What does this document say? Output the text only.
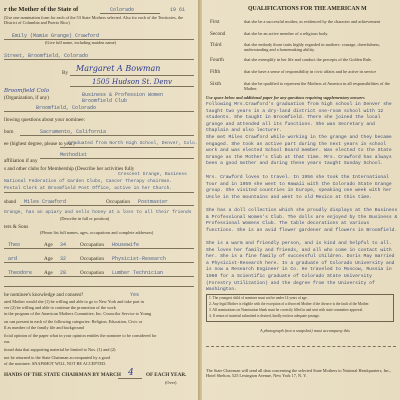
r the Mother of the State of	Colorado	19 61
(Use one nomination form for each of the 53 State Mothers selected. Also for each of the Territories, the District of Columbia and Puerto Rico)
Emily (Mamie Grange) Crawford
(Give full name, including maiden name)
Street, Broomfield, Colorado
By Margaret A Bowman
1505 Hudson St. Denv
Broomfield Colo
(Organization, if any)	Business & Profession Women
Broomfield Club
Broomfield, Colorado
llowing questions about your nominee:
born	Sacramento, California
ee (highest degree, please to year)
Graduated from North High School, Denver, Colo.
Methodist
affiliation if any
s and other clubs for Membership (Describe her activities fully
Crescent Grange, Business
National Federation of Garden Clubs, Cancer Therapy chairman.
Postal Clerk at Broomfield Post Office, active in her Church.
sband Miles Crawford	Occupation Postmaster
Grange, has an apiary and sells honey at a loss to all their friends
(Describe in full or position)
ters & Sons
(Please list full names, ages, occupations and complete addresses)
Theo	Age 34	Occupation Housewife
ard	Age 32	Occupation Physicist-Research
Theodore Age 28	Occupation Lumber Technician
he nominee's knowledge and consent?	Yes
ated Mother would she (1) be willing and able to go to New York and take part in
ver (2) be willing and able to continue the promotion of the work
in the program of the American Mothers Committee, Inc. Councilor Service to Young
on can present in each of the following categories: Religion, Education, Civic or
ll as number of the family life and background
ficial opinion of the paper what in your opinion entitles the nominee to be considered for
ear.
tional data that supporting material be limited to Nos. (1) and (2)
not be returned to the State Chairman accompanied by a good
of the nominee. SNAPSHOT WILL NOT BE ACCEPTED.
HANDS OF THE STATE CHAIRMAN BY MARCH 4 OF EACH YEAR.
(Over)
QUALIFICATIONS FOR THE AMERICAN M
First	that she be a successful mother, as evidenced by the character and achievement
Second	that she be an active member of a religious body.
Third	that she embody those traits highly regarded in mothers: courage, cheerfulness, understanding and a homemaking ability.
Fourth	that she exemplify in her life and conduct the precepts of the Golden Rule.
Fifth	that she have a sense of responsibility in civic affairs and be active in service
Sixth	that she be qualified to represent the Mothers of America in all responsibilities of the Mother.
Use space below and additional paper for any questions requiring supplementary answers
Following Mrs.Crawford's graduation from high school in Denver she taught two years in a dry-land district one-room school with 12 students. She taught in Broomfield. There she joined the local grange and attended all its functions. She was Secretary and Chaplain and also lecturer.
She met Miles Crawford while working in the grange and they became engaged. She took an active part during the next years in school work and was elected School Board member. Was elected to the State Grange as the Mother's Club at that time. Mrs. Crawford has always been a good mother and during these years taught Sunday School.
Mrs. Crawford loves to travel. In 1956 she took the International Tour and in 1959 she went to Hawaii with the Colorado State Grange group. She visited countries in Europe, speaking one week with her Uncle in the mountains and went to old Mexico at this time.
She has a doll collection which she proudly displays at the Business & Professional Women's Club. The dolls are enjoyed by the Business & Professional Womens Club. The table decorations at various functions. She is an avid flower gardener and flowers in Broomfield.
She is a warm and friendly person, and is kind and helpful to all. She loves her family and friends, and all who come in contact with her. She is a fine family of successful children. Doris May married a Physicist-Research here. Is a graduate of Colorado University and is now a Research Engineer in Co. He traveled to Moscow, Russia in 1960 for a Scientific graduate of Colorado State University (Forestry Utilization) and the degree from the University of Washington.
1. The youngest child of nominee must not be under 14 years of age.
2. Any legal Mother is eligible with the exception of a divorced Mother if the divorce is the fault of the Mother.
3. All nominations on Nomination blank must be correctly filled in and sent with state committee approval.
4. If return of material submitted is desired, kindly enclose adequate postage.
A photograph (not a snapshot) must accompany this
The State Chairman will send all data concerning the selected State Mothers to National Headquarters, Inc., Hotel Shelton, 525 Lexington Avenue, New York 17, N. Y.
